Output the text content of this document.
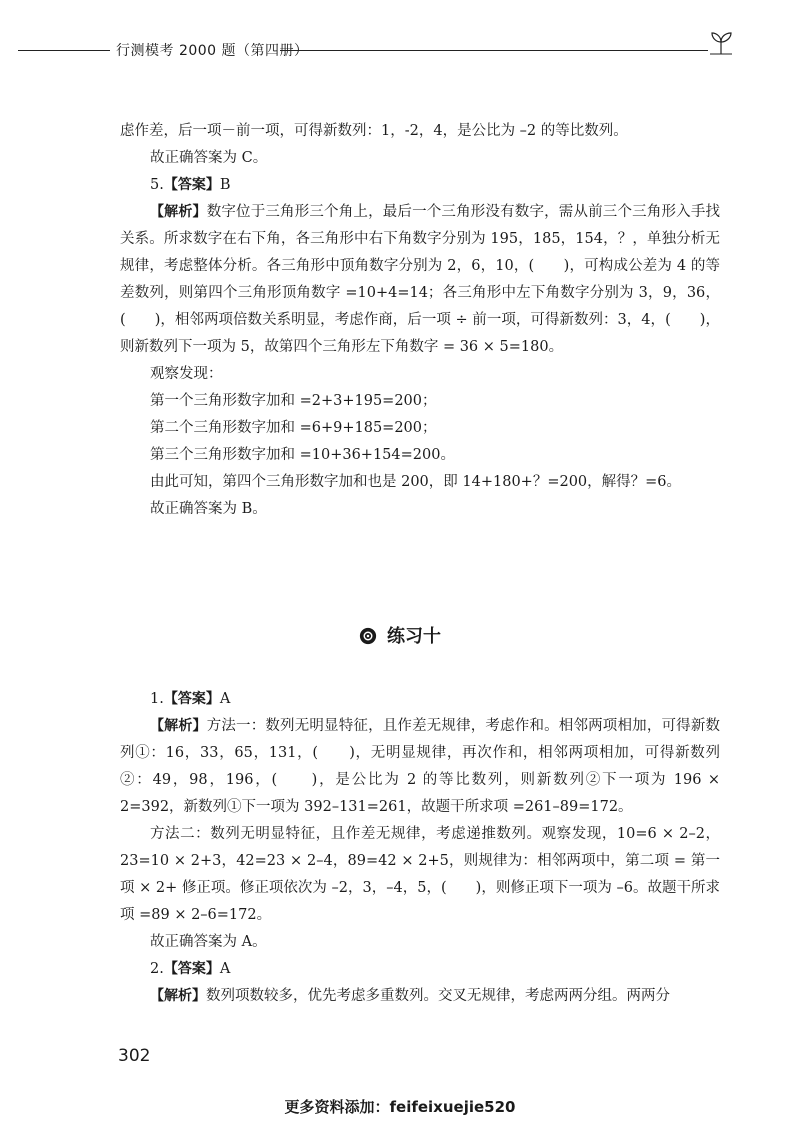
行测模考 2000 题（第四册）

虑作差，后一项－前一项，可得新数列：1，-2，4，是公比为 –2 的等比数列。

故正确答案为 C。

5.【答案】B

【解析】数字位于三角形三个角上，最后一个三角形没有数字，需从前三个三角形入手找关系。所求数字在右下角，各三角形中右下角数字分别为 195，185，154，？，单独分析无规律，考虑整体分析。各三角形中顶角数字分别为 2，6，10，(　　)，可构成公差为 4 的等差数列，则第四个三角形顶角数字 =10+4=14；各三角形中左下角数字分别为 3，9，36，(　　)，相邻两项倍数关系明显，考虑作商，后一项 ÷ 前一项，可得新数列：3，4，(　　)，则新数列下一项为 5，故第四个三角形左下角数字 = 36 × 5=180。

观察发现：

第一个三角形数字加和 =2+3+195=200；

第二个三角形数字加和 =6+9+185=200；

第三个三角形数字加和 =10+36+154=200。

由此可知，第四个三角形数字加和也是 200，即 14+180+？=200，解得？=6。

故正确答案为 B。

练习十

1.【答案】A

【解析】方法一：数列无明显特征，且作差无规律，考虑作和。相邻两项相加，可得新数列①：16，33，65，131，(　　)，无明显规律，再次作和，相邻两项相加，可得新数列②：49，98，196，(　　)，是公比为 2 的等比数列，则新数列②下一项为 196 × 2=392，新数列①下一项为 392–131=261，故题干所求项 =261–89=172。

方法二：数列无明显特征，且作差无规律，考虑递推数列。观察发现，10=6 × 2–2，23=10 × 2+3，42=23 × 2–4，89=42 × 2+5，则规律为：相邻两项中，第二项 = 第一项 × 2+ 修正项。修正项依次为 –2，3，–4，5，(　　)，则修正项下一项为 –6。故题干所求项 =89 × 2–6=172。

故正确答案为 A。

2.【答案】A

【解析】数列项数较多，优先考虑多重数列。交叉无规律，考虑两两分组。两两分

302
更多资料添加：feifeixuejie520
